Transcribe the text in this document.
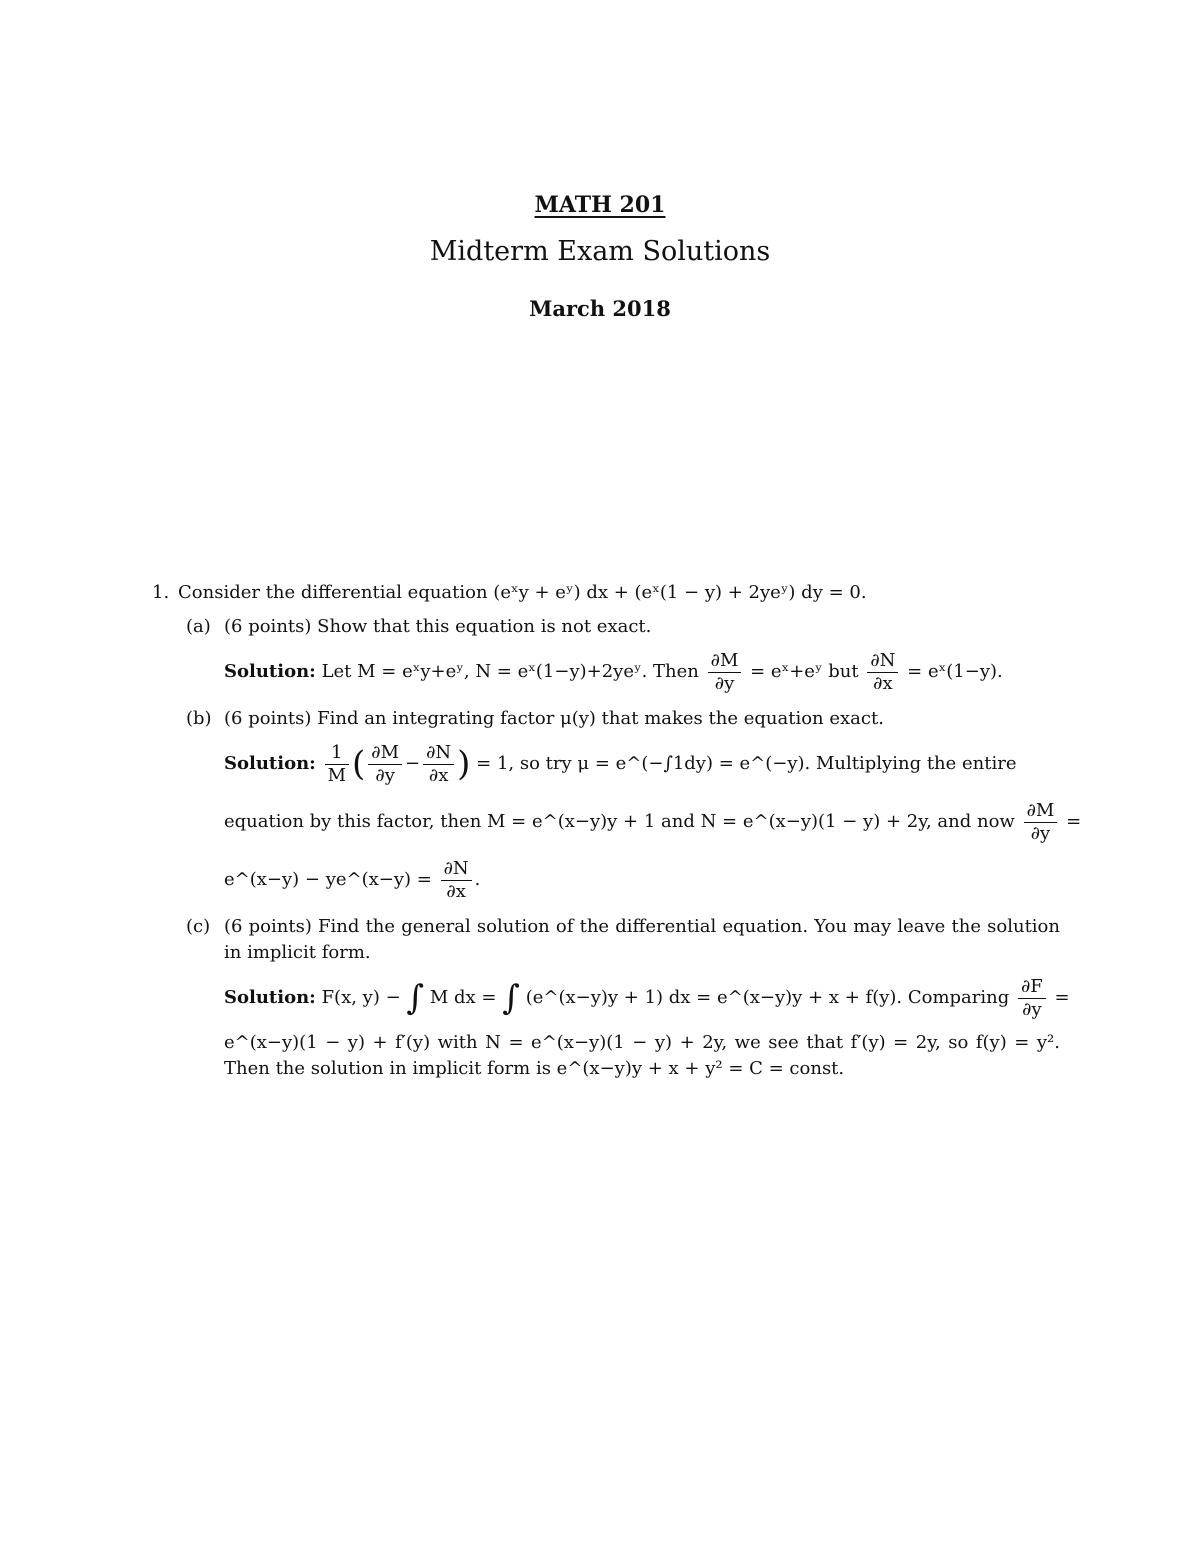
MATH 201
Midterm Exam Solutions
March 2018
1. Consider the differential equation (eˣy + eʸ) dx + (eˣ(1 − y) + 2yeʸ) dy = 0.
(a) (6 points) Show that this equation is not exact.
Solution: Let M = eˣy+eʸ, N = eˣ(1−y)+2yeʸ. Then $\frac{\partial M}{\partial y}$ = eˣ+eʸ but $\frac{\partial N}{\partial x}$ = eˣ(1−y).
(b) (6 points) Find an integrating factor μ(y) that makes the equation exact.
Solution: $\frac{1}{M}$ ( $\frac{\partial M}{\partial y} - \frac{\partial N}{\partial x}$ ) = 1, so try μ = e^(−∫1dy) = e^(−y). Multiplying the entire
equation by this factor, then M = e^(x−y)y + 1 and N = e^(x−y)(1 − y) + 2y, and now $\frac{\partial M}{\partial y}$ =
e^(x−y) − ye^(x−y) = $\frac{\partial N}{\partial x}$ .
(c) (6 points) Find the general solution of the differential equation. You may leave the solution in implicit form.
Solution: F(x, y) − ∫ M dx = ∫ (e^(x−y)y + 1) dx = e^(x−y)y + x + f(y). Comparing $\frac{\partial F}{\partial y}$ =
e^(x−y)(1 − y) + f′(y) with N = e^(x−y)(1 − y) + 2y, we see that f′(y) = 2y, so f(y) = y². Then the solution in implicit form is e^(x−y)y + x + y² = C = const.
